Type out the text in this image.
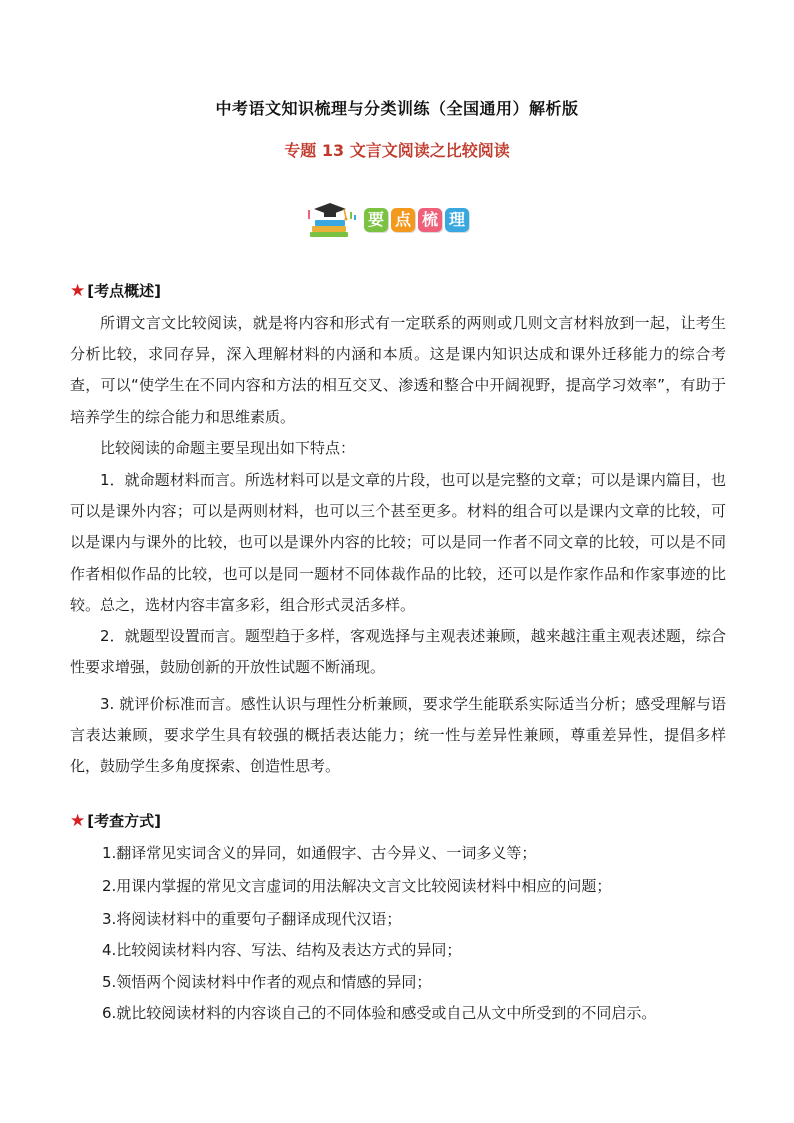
中考语文知识梳理与分类训练（全国通用）解析版
专题 13 文言文阅读之比较阅读
要 点 梳 理
★ [考点概述]
所谓文言文比较阅读，就是将内容和形式有一定联系的两则或几则文言材料放到一起，让考生分析比较，求同存异，深入理解材料的内涵和本质。这是课内知识达成和课外迁移能力的综合考查，可以“使学生在不同内容和方法的相互交叉、渗透和整合中开阔视野，提高学习效率”，有助于培养学生的综合能力和思维素质。
比较阅读的命题主要呈现出如下特点：
1．就命题材料而言。所选材料可以是文章的片段，也可以是完整的文章；可以是课内篇目，也可以是课外内容；可以是两则材料，也可以三个甚至更多。材料的组合可以是课内文章的比较，可以是课内与课外的比较，也可以是课外内容的比较；可以是同一作者不同文章的比较，可以是不同作者相似作品的比较，也可以是同一题材不同体裁作品的比较，还可以是作家作品和作家事迹的比较。总之，选材内容丰富多彩，组合形式灵活多样。
2．就题型设置而言。题型趋于多样，客观选择与主观表述兼顾，越来越注重主观表述题，综合性要求增强，鼓励创新的开放性试题不断涌现。
3. 就评价标准而言。感性认识与理性分析兼顾，要求学生能联系实际适当分析；感受理解与语言表达兼顾，要求学生具有较强的概括表达能力；统一性与差异性兼顾，尊重差异性，提倡多样化，鼓励学生多角度探索、创造性思考。
★ [考查方式]
1.翻译常见实词含义的异同，如通假字、古今异义、一词多义等；
2.用课内掌握的常见文言虚词的用法解决文言文比较阅读材料中相应的问题；
3.将阅读材料中的重要句子翻译成现代汉语；
4.比较阅读材料内容、写法、结构及表达方式的异同；
5.领悟两个阅读材料中作者的观点和情感的异同；
6.就比较阅读材料的内容谈自己的不同体验和感受或自己从文中所受到的不同启示。
